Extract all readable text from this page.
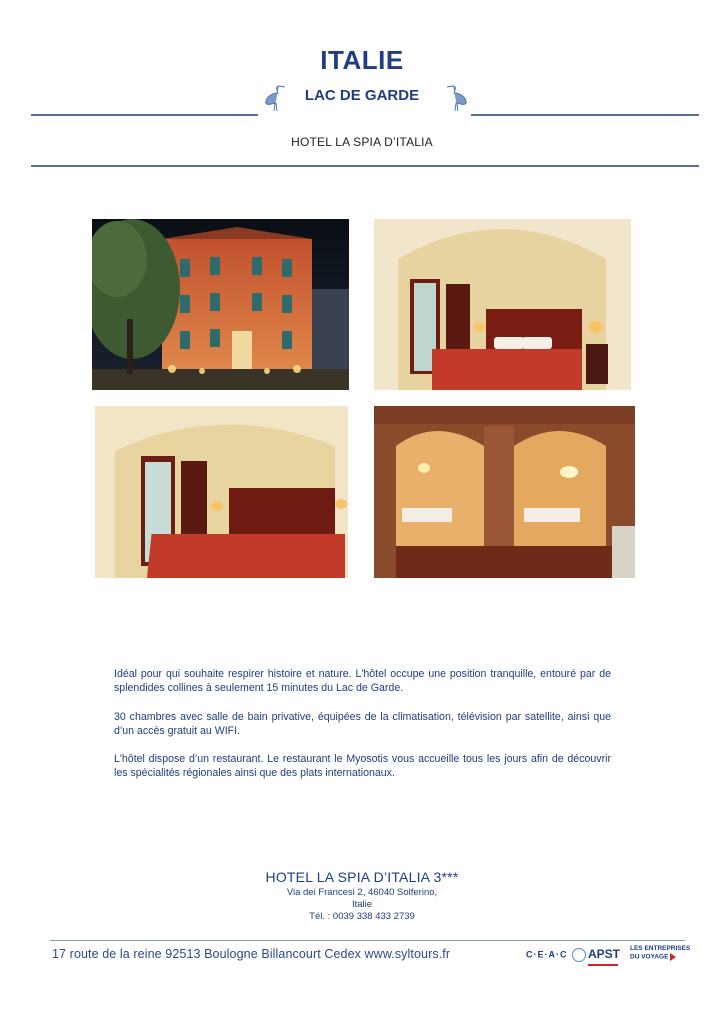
ITALIE
LAC DE GARDE
HOTEL LA SPIA D’ITALIA
Idéal pour qui souhaite respirer histoire et nature. L'hôtel occupe une position tranquille, entouré par de splendides collines à seulement 15 minutes du Lac de Garde.
30 chambres avec salle de bain privative, équipées de la climatisation, télévision par satellite, ainsi que d’un accès gratuit au WIFI.
L'hôtel dispose d’un restaurant. Le restaurant le Myosotis vous accueille tous les jours afin de découvrir les spécialités régionales ainsi que des plats internationaux.
HOTEL LA SPIA D’ITALIA 3***
Via dei Francesi 2, 46040 Solferino,
Italie
Tél. : 0039 338 433 2739
17 route de la reine 92513 Boulogne Billancourt Cedex www.syltours.fr	C·E·A·C	APST LES ENTREPRISES
DU VOYAGE
